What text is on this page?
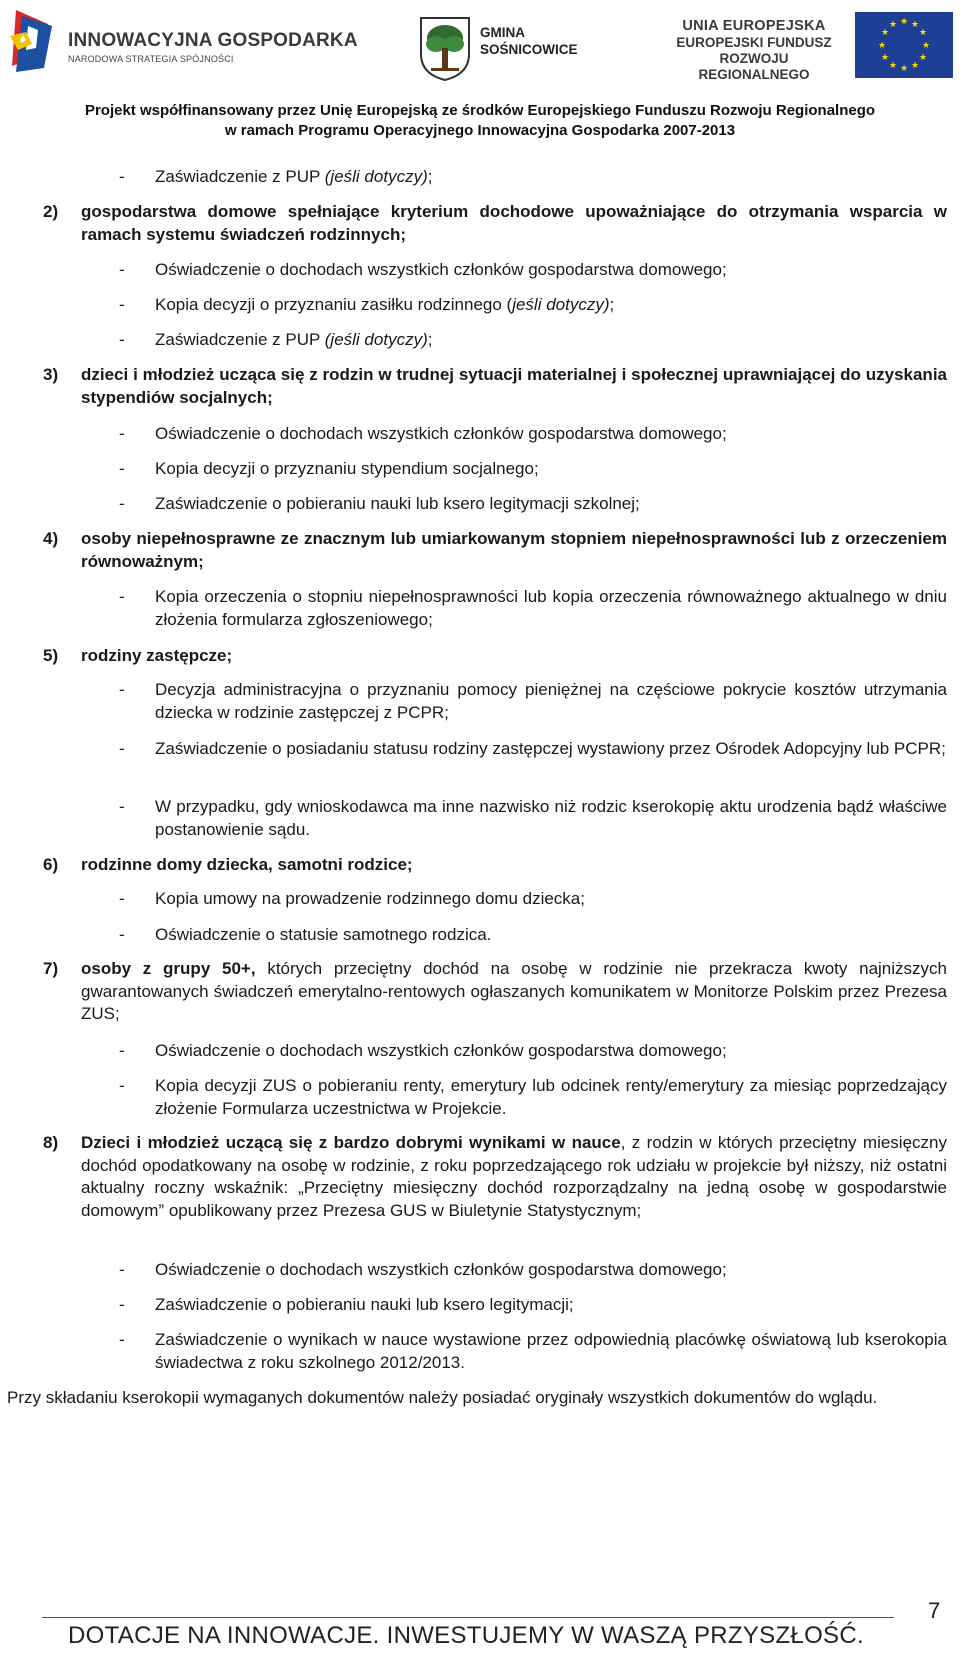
INNOWACYJNA GOSPODARKA
NARODOWA STRATEGIA SPÓJNOŚCI
GMINA
SOŚNICOWICE
UNIA EUROPEJSKA
EUROPEJSKI FUNDUSZ
ROZWOJU REGIONALNEGO
★ ★
★
★
★
★
★
★
★
★
★
★
Projekt współfinansowany przez Unię Europejską ze środków Europejskiego Funduszu Rozwoju Regionalnego
w ramach Programu Operacyjnego Innowacyjna Gospodarka 2007-2013
- Zaświadczenie z PUP (jeśli dotyczy);
2) gospodarstwa domowe spełniające kryterium dochodowe upoważniające do otrzymania wsparcia w ramach systemu świadczeń rodzinnych;
- Oświadczenie o dochodach wszystkich członków gospodarstwa domowego;
- Kopia decyzji o przyznaniu zasiłku rodzinnego (jeśli dotyczy);
- Zaświadczenie z PUP (jeśli dotyczy);
3) dzieci i młodzież ucząca się z rodzin w trudnej sytuacji materialnej i społecznej uprawniającej do uzyskania stypendiów socjalnych;
- Oświadczenie o dochodach wszystkich członków gospodarstwa domowego;
- Kopia decyzji o przyznaniu stypendium socjalnego;
- Zaświadczenie o pobieraniu nauki lub ksero legitymacji szkolnej;
4) osoby niepełnosprawne ze znacznym lub umiarkowanym stopniem niepełnosprawności lub z orzeczeniem równoważnym;
- Kopia orzeczenia o stopniu niepełnosprawności lub kopia orzeczenia równoważnego aktualnego w dniu złożenia formularza zgłoszeniowego;
5) rodziny zastępcze;
- Decyzja administracyjna o przyznaniu pomocy pieniężnej na częściowe pokrycie kosztów utrzymania dziecka w rodzinie zastępczej z PCPR;
- Zaświadczenie o posiadaniu statusu rodziny zastępczej wystawiony przez Ośrodek Adopcyjny lub PCPR;
- W przypadku, gdy wnioskodawca ma inne nazwisko niż rodzic kserokopię aktu urodzenia bądź właściwe postanowienie sądu.
6) rodzinne domy dziecka, samotni rodzice;
- Kopia umowy na prowadzenie rodzinnego domu dziecka;
- Oświadczenie o statusie samotnego rodzica.
7) osoby z grupy 50+, których przeciętny dochód na osobę w rodzinie nie przekracza kwoty najniższych gwarantowanych świadczeń emerytalno-rentowych ogłaszanych komunikatem w Monitorze Polskim przez Prezesa ZUS;
- Oświadczenie o dochodach wszystkich członków gospodarstwa domowego;
- Kopia decyzji ZUS o pobieraniu renty, emerytury lub odcinek renty/emerytury za miesiąc poprzedzający złożenie Formularza uczestnictwa w Projekcie.
8) Dzieci i młodzież uczącą się z bardzo dobrymi wynikami w nauce, z rodzin w których przeciętny miesięczny dochód opodatkowany na osobę w rodzinie, z roku poprzedzającego rok udziału w projekcie był niższy, niż ostatni aktualny roczny wskaźnik: „Przeciętny miesięczny dochód rozporządzalny na jedną osobę w gospodarstwie domowym” opublikowany przez Prezesa GUS w Biuletynie Statystycznym;
- Oświadczenie o dochodach wszystkich członków gospodarstwa domowego;
- Zaświadczenie o pobieraniu nauki lub ksero legitymacji;
- Zaświadczenie o wynikach w nauce wystawione przez odpowiednią placówkę oświatową lub kserokopia świadectwa z roku szkolnego 2012/2013.
Przy składaniu kserokopii wymaganych dokumentów należy posiadać oryginały wszystkich dokumentów do wglądu.
7
DOTACJE NA INNOWACJE. INWESTUJEMY W WASZĄ PRZYSZŁOŚĆ.
